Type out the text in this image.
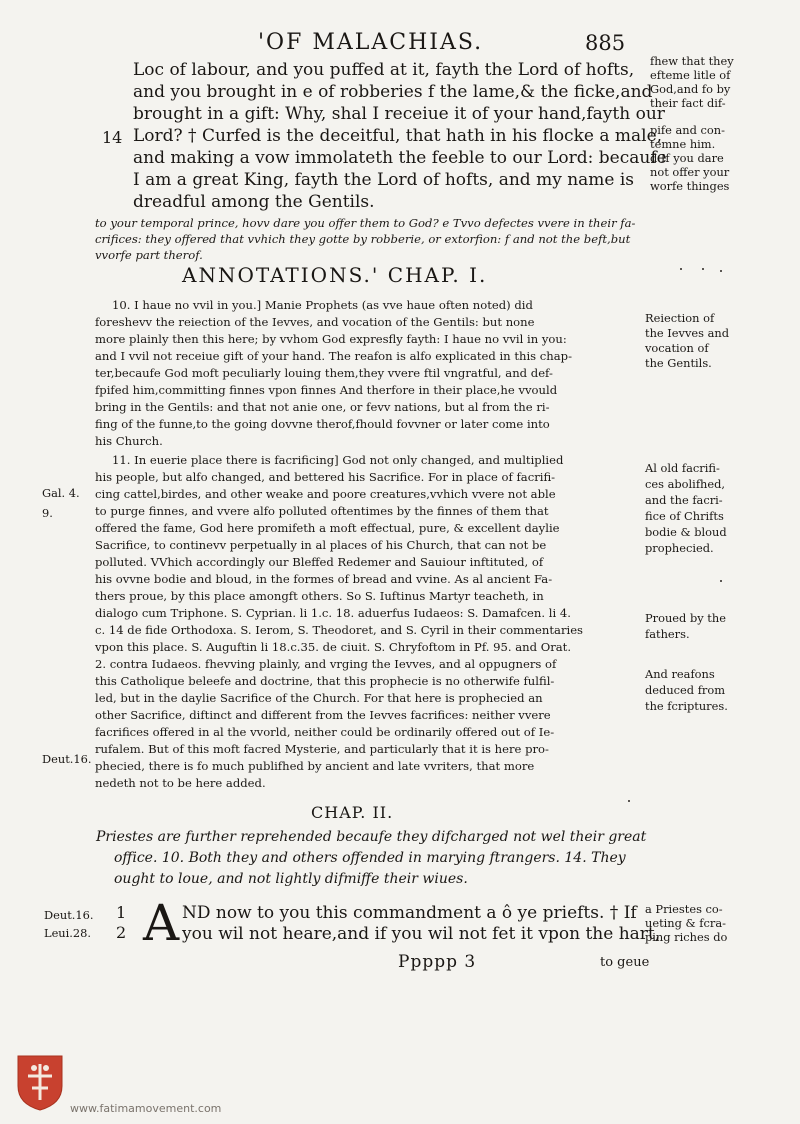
'OF MALACHIAS.	885
Loc of labour, and you puffed at it, fayth the Lord of hofts,
and you brought in e of robberies f the lame,& the ficke,and
brought in a gift: Why, shal I receiue it of your hand,fayth our
Lord? † Curfed is the deceitful, that hath in his flocke a male,
and making a vow immolateth the feeble to our Lord: becaufe
I am a great King, fayth the Lord of hofts, and my name is
dreadful among the Gentils.
14
fhew that they
efteme litle of
God,and fo by
their fact dif-
pife and con-
temne him.
d If you dare
not offer your
worfe thinges
to your temporal prince, hovv dare you offer them to God? e Tvvo defectes vvere in their fa-
crifices: they offered that vvhich they gotte by robberie, or extorfion: f and not the beft,but
vvorfe part therof.
ANNOTATIONS.' CHAP. I.
10. I haue no vvil in you.] Manie Prophets (as vve haue often noted) did
foreshevv the reiection of the Ievves, and vocation of the Gentils: but none
more plainly then this here; by vvhom God expresfly fayth: I haue no vvil in you:
and I vvil not receiue gift of your hand. The reafon is alfo explicated in this chap-
ter,becaufe God moft peculiarly louing them,they vvere ftil vngratful, and def-
fpifed him,committing finnes vpon finnes And therfore in their place,he vvould
bring in the Gentils: and that not anie one, or fevv nations, but al from the ri-
fing of the funne,to the going dovvne therof,fhould fovvner or later come into
his Church.
Reiection of
the Ievves and
vocation of
the Gentils.
11. In euerie place there is facrificing] God not only changed, and multiplied
his people, but alfo changed, and bettered his Sacrifice. For in place of facrifi-
cing cattel,birdes, and other weake and poore creatures,vvhich vvere not able
to purge finnes, and vvere alfo polluted oftentimes by the finnes of them that
offered the fame, God here promifeth a moft effectual, pure, & excellent daylie
Sacrifice, to continevv perpetually in al places of his Church, that can not be
polluted. VVhich accordingly our Bleffed Redemer and Sauiour inftituted, of
his ovvne bodie and bloud, in the formes of bread and vvine. As al ancient Fa-
thers proue, by this place amongft others. So S. Iuftinus Martyr teacheth, in
dialogo cum Triphone. S. Cyprian. li 1.c. 18. aduerfus Iudaeos: S. Damafcen. li 4.
c. 14 de fide Orthodoxa. S. Ierom, S. Theodoret, and S. Cyril in their commentaries
vpon this place. S. Auguftin li 18.c.35. de ciuit. S. Chryfoftom in Pf. 95. and Orat.
2. contra Iudaeos. fhevving plainly, and vrging the Ievves, and al oppugners of
this Catholique beleefe and doctrine, that this prophecie is no otherwife fulfil-
led, but in the daylie Sacrifice of the Church. For that here is prophecied an
other Sacrifice, diftinct and different from the Ievves facrifices: neither vvere
facrifices offered in al the vvorld, neither could be ordinarily offered out of Ie-
rufalem. But of this moft facred Mysterie, and particularly that it is here pro-
phecied, there is fo much publifhed by ancient and late vvriters, that more
nedeth not to be here added.
Gal. 4.
9.
Deut.16.
Al old facrifi-
ces abolifhed,
and the facri-
fice of Chrifts
bodie & bloud
prophecied.
Proued by the
fathers.
And reafons
deduced from
the fcriptures.
CHAP. II.
Priestes are further reprehended becaufe they difcharged not wel their great
office. 10. Both they and others offended in marying ftrangers. 14. They
ought to loue, and not lightly difmiffe their wiues.
Deut.16.
Leui.28.
1
2 A ND now to you this commandment a ô ye priefts. † If
you wil not heare,and if you wil not fet it vpon the hart,
a Priestes co-
ueting & fcra-
ping riches do
Ppppp 3	to geue
www.fatimamovement.com
